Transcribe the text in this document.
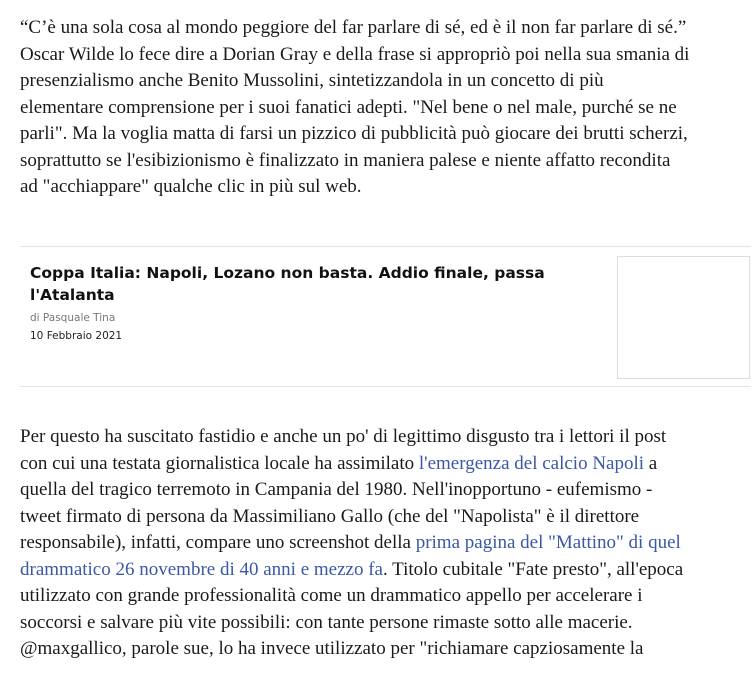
“C’è una sola cosa al mondo peggiore del far parlare di sé, ed è il non far parlare di sé.”
Oscar Wilde lo fece dire a Dorian Gray e della frase si appropriò poi nella sua smania di
presenzialismo anche Benito Mussolini, sintetizzandola in un concetto di più
elementare comprensione per i suoi fanatici adepti. "Nel bene o nel male, purché se ne
parli". Ma la voglia matta di farsi un pizzico di pubblicità può giocare dei brutti scherzi,
soprattutto se l'esibizionismo è finalizzato in maniera palese e niente affatto recondita
ad "acchiappare" qualche clic in più sul web.

Coppa Italia: Napoli, Lozano non basta. Addio finale, passa
l'Atalanta
di Pasquale Tina
10 Febbraio 2021

Per questo ha suscitato fastidio e anche un po' di legittimo disgusto tra i lettori il post
con cui una testata giornalistica locale ha assimilato l'emergenza del calcio Napoli a
quella del tragico terremoto in Campania del 1980. Nell'inopportuno - eufemismo -
tweet firmato di persona da Massimiliano Gallo (che del "Napolista" è il direttore
responsabile), infatti, compare uno screenshot della prima pagina del "Mattino" di quel
drammatico 26 novembre di 40 anni e mezzo fa. Titolo cubitale "Fate presto", all'epoca
utilizzato con grande professionalità come un drammatico appello per accelerare i
soccorsi e salvare più vite possibili: con tante persone rimaste sotto alle macerie.
@maxgallico, parole sue, lo ha invece utilizzato per "richiamare capziosamente la
